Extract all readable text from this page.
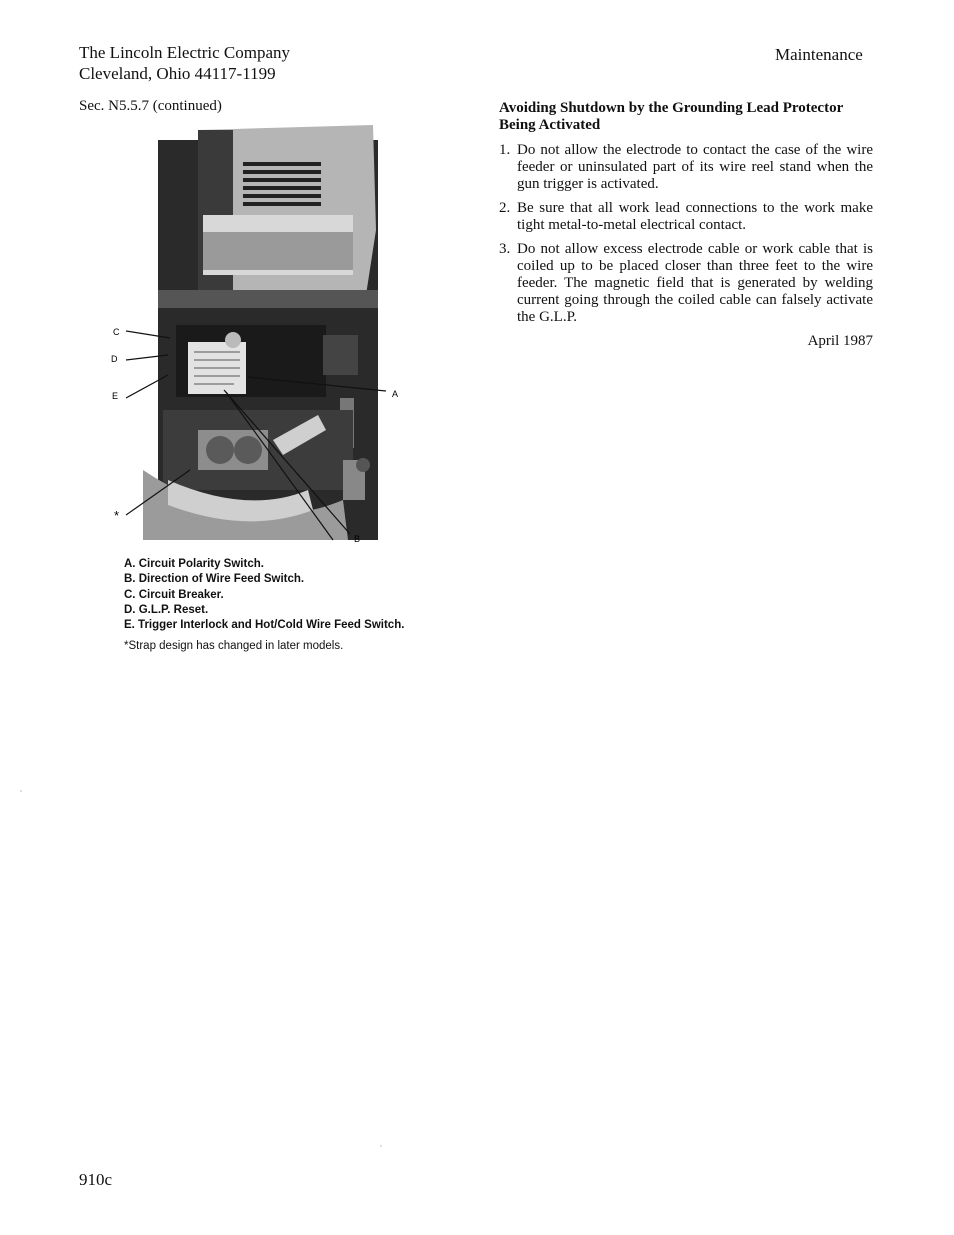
The Lincoln Electric Company
Cleveland, Ohio 44117-1199
Maintenance
Sec. N5.5.7 (continued)
C
D
E	A
B
*
A. Circuit Polarity Switch.
B. Direction of Wire Feed Switch.
C. Circuit Breaker.
D. G.L.P. Reset.
E. Trigger Interlock and Hot/Cold Wire Feed Switch.
*Strap design has changed in later models.
Avoiding Shutdown by the Grounding Lead Protector Being Activated
1. Do not allow the electrode to contact the case of the wire feeder or uninsulated part of its wire reel stand when the gun trigger is activated.
2. Be sure that all work lead connections to the work make tight metal-to-metal electrical contact.
3. Do not allow excess electrode cable or work cable that is coiled up to be placed closer than three feet to the wire feeder. The magnetic field that is generated by welding current going through the coiled cable can falsely activate the G.L.P.
April 1987
910c
